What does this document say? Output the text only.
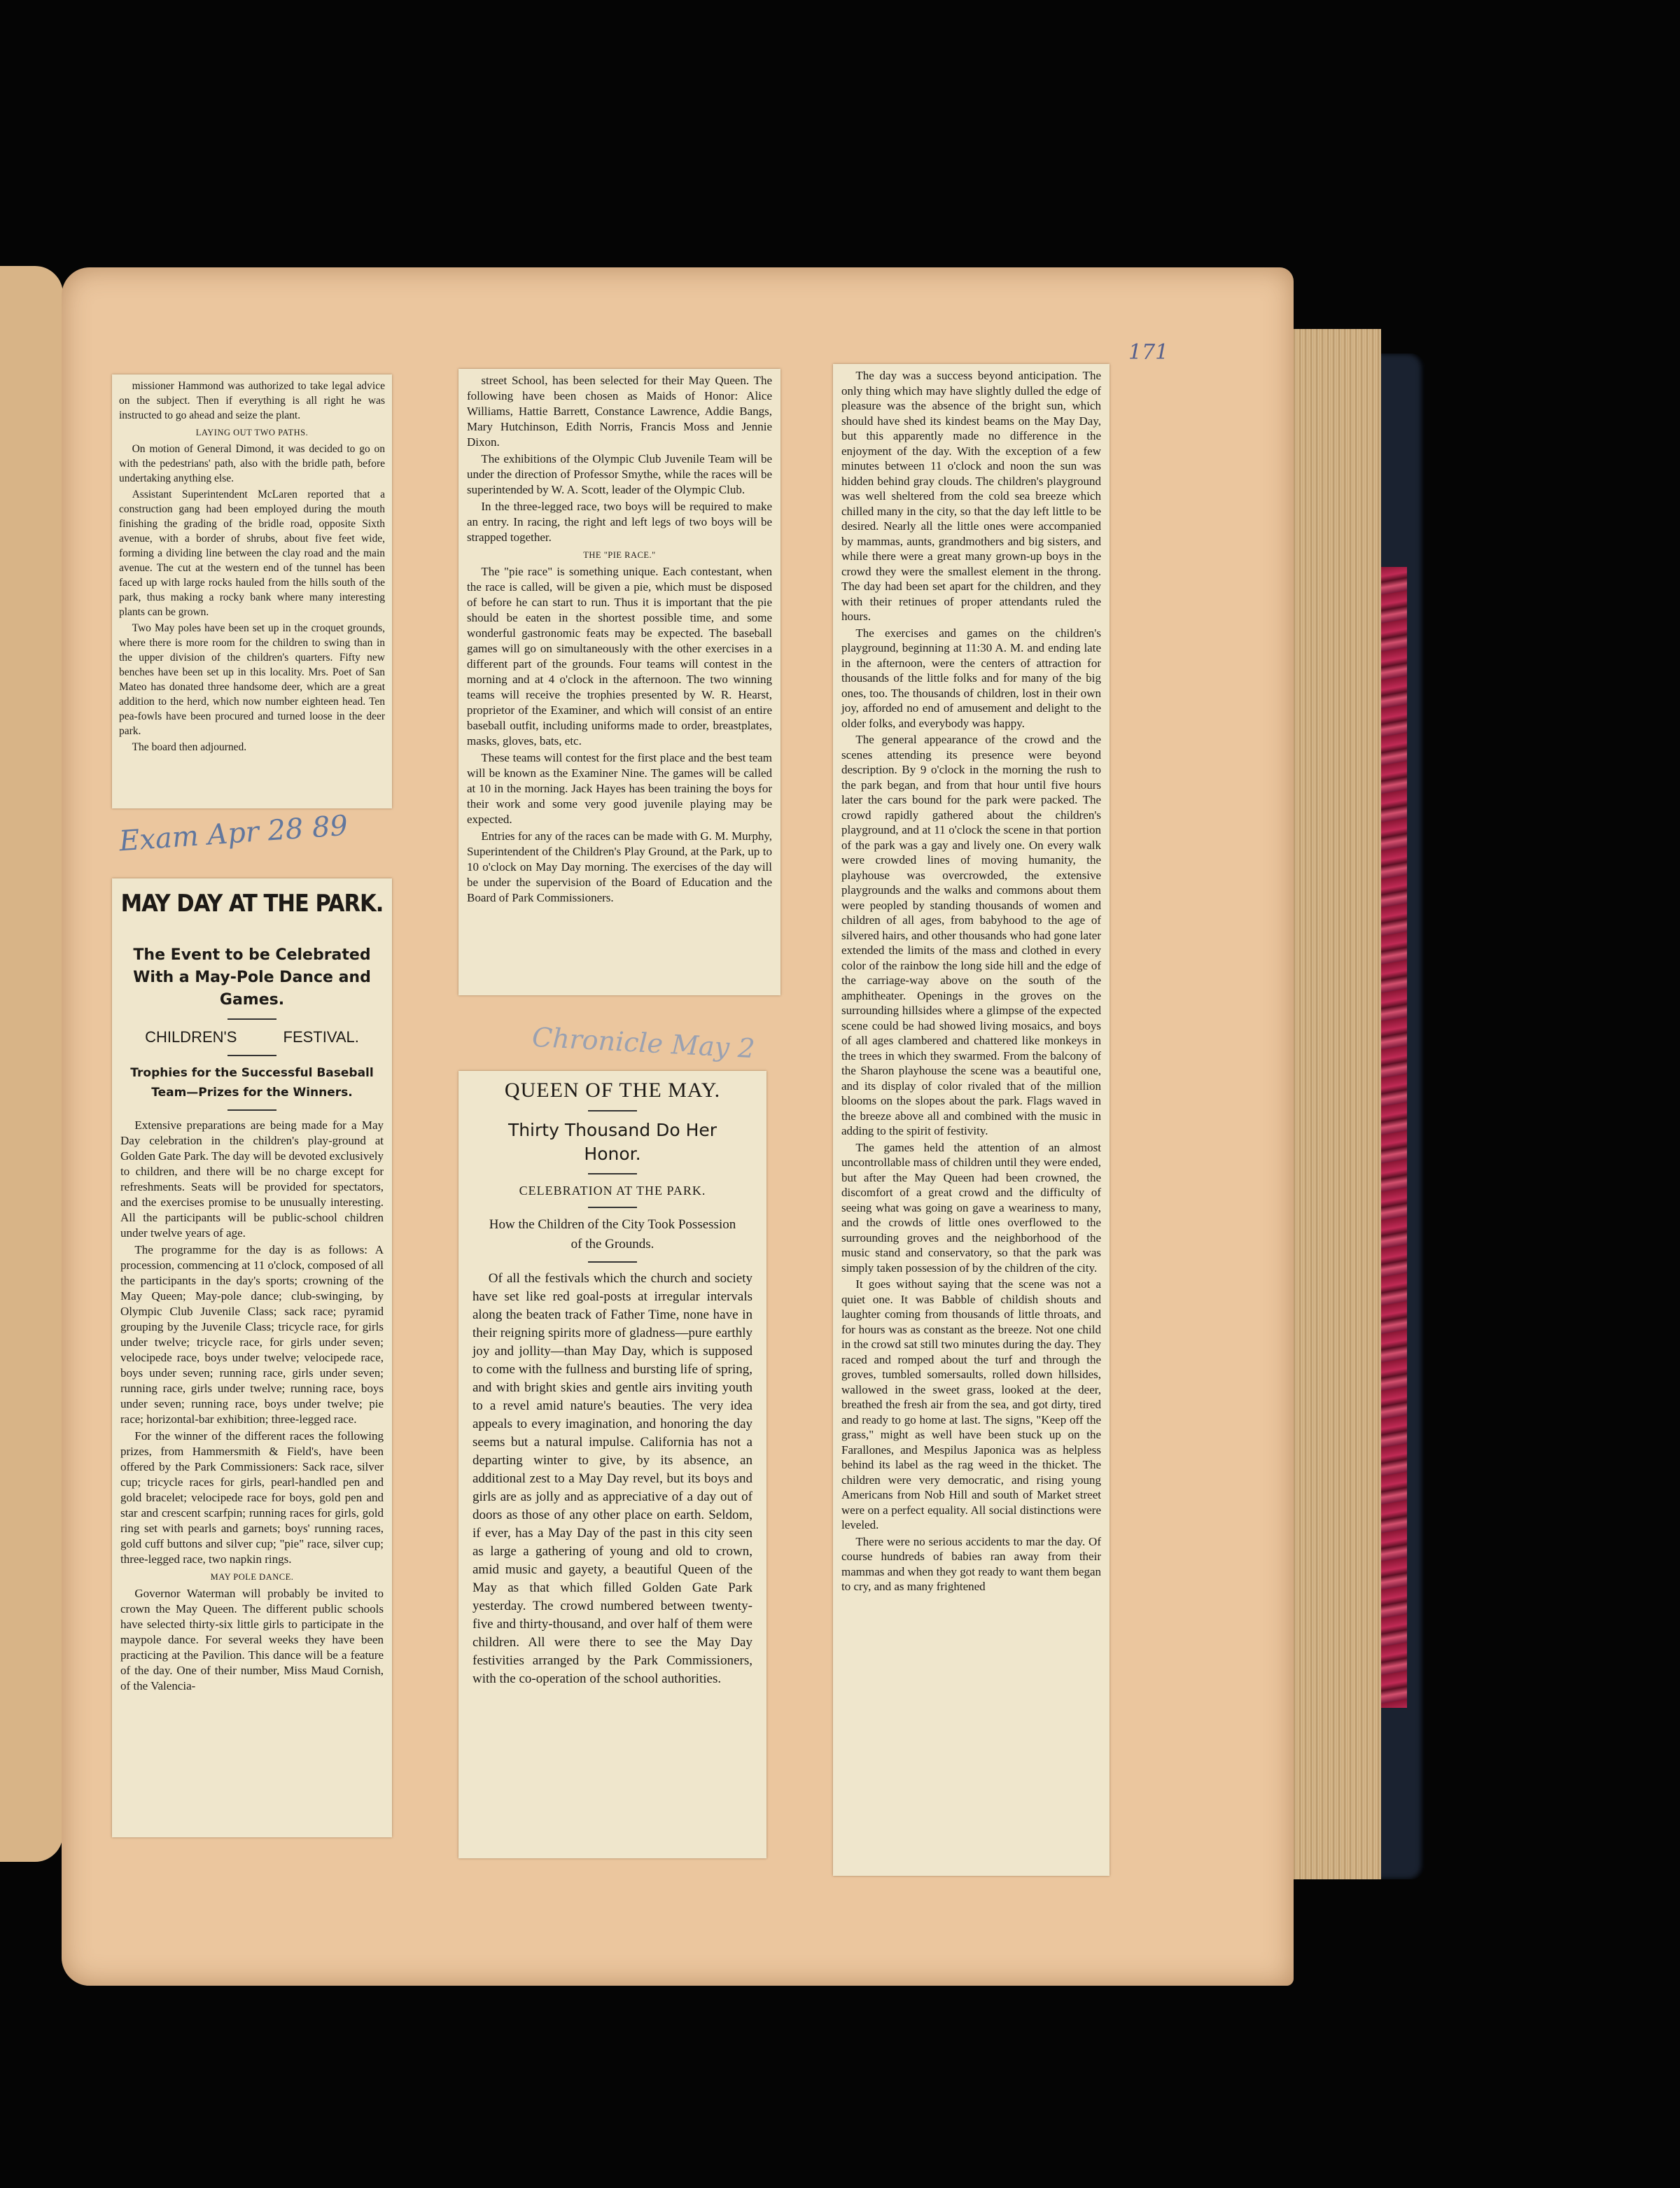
171

missioner Hammond was authorized to take legal advice on the subject. Then if everything is all right he was instructed to go ahead and seize the plant.

LAYING OUT TWO PATHS.

On motion of General Dimond, it was decided to go on with the pedestrians' path, also with the bridle path, before undertaking anything else.

Assistant Superintendent McLaren reported that a construction gang had been employed during the mouth finishing the grading of the bridle road, opposite Sixth avenue, with a border of shrubs, about five feet wide, forming a dividing line between the clay road and the main avenue. The cut at the western end of the tunnel has been faced up with large rocks hauled from the hills south of the park, thus making a rocky bank where many interesting plants can be grown.

Two May poles have been set up in the croquet grounds, where there is more room for the children to swing than in the upper division of the children's quarters. Fifty new benches have been set up in this locality. Mrs. Poet of San Mateo has donated three handsome deer, which are a great addition to the herd, which now number eighteen head. Ten pea-fowls have been procured and turned loose in the deer park.

The board then adjourned.

Exam Apr 28 89
MAY DAY AT THE PARK.
The Event to be Celebrated With a May-Pole Dance and Games.
CHILDREN'S FESTIVAL.
Trophies for the Successful Baseball Team—Prizes for the Winners.

Extensive preparations are being made for a May Day celebration in the children's play-ground at Golden Gate Park. The day will be devoted exclusively to children, and there will be no charge except for refreshments. Seats will be provided for spectators, and the exercises promise to be unusually interesting. All the participants will be public-school children under twelve years of age.

The programme for the day is as follows: A procession, commencing at 11 o'clock, composed of all the participants in the day's sports; crowning of the May Queen; May-pole dance; club-swinging, by Olympic Club Juvenile Class; sack race; pyramid grouping by the Juvenile Class; tricycle race, for girls under twelve; tricycle race, for girls under seven; velocipede race, boys under twelve; velocipede race, boys under seven; running race, girls under seven; running race, girls under twelve; running race, boys under seven; running race, boys under twelve; pie race; horizontal-bar exhibition; three-legged race.

For the winner of the different races the following prizes, from Hammersmith & Field's, have been offered by the Park Commissioners: Sack race, silver cup; tricycle races for girls, pearl-handled pen and gold bracelet; velocipede race for boys, gold pen and star and crescent scarfpin; running races for girls, gold ring set with pearls and garnets; boys' running races, gold cuff buttons and silver cup; "pie" race, silver cup; three-legged race, two napkin rings.

MAY POLE DANCE.

Governor Waterman will probably be invited to crown the May Queen. The different public schools have selected thirty-six little girls to participate in the maypole dance. For several weeks they have been practicing at the Pavilion. This dance will be a feature of the day. One of their number, Miss Maud Cornish, of the Valencia-

street School, has been selected for their May Queen. The following have been chosen as Maids of Honor: Alice Williams, Hattie Barrett, Constance Lawrence, Addie Bangs, Mary Hutchinson, Edith Norris, Francis Moss and Jennie Dixon.

The exhibitions of the Olympic Club Juvenile Team will be under the direction of Professor Smythe, while the races will be superintended by W. A. Scott, leader of the Olympic Club.

In the three-legged race, two boys will be required to make an entry. In racing, the right and left legs of two boys will be strapped together.

THE "PIE RACE."

The "pie race" is something unique. Each contestant, when the race is called, will be given a pie, which must be disposed of before he can start to run. Thus it is important that the pie should be eaten in the shortest possible time, and some wonderful gastronomic feats may be expected. The baseball games will go on simultaneously with the other exercises in a different part of the grounds. Four teams will contest in the morning and at 4 o'clock in the afternoon. The two winning teams will receive the trophies presented by W. R. Hearst, proprietor of the Examiner, and which will consist of an entire baseball outfit, including uniforms made to order, breastplates, masks, gloves, bats, etc.

These teams will contest for the first place and the best team will be known as the Examiner Nine. The games will be called at 10 in the morning. Jack Hayes has been training the boys for their work and some very good juvenile playing may be expected.

Entries for any of the races can be made with G. M. Murphy, Superintendent of the Children's Play Ground, at the Park, up to 10 o'clock on May Day morning. The exercises of the day will be under the supervision of the Board of Education and the Board of Park Commissioners.

Chronicle May 2
QUEEN OF THE MAY.
Thirty Thousand Do Her Honor.
CELEBRATION AT THE PARK.
How the Children of the City Took Possession of the Grounds.

Of all the festivals which the church and society have set like red goal-posts at irregular intervals along the beaten track of Father Time, none have in their reigning spirits more of gladness—pure earthly joy and jollity—than May Day, which is supposed to come with the fullness and bursting life of spring, and with bright skies and gentle airs inviting youth to a revel amid nature's beauties. The very idea appeals to every imagination, and honoring the day seems but a natural impulse. California has not a departing winter to give, by its absence, an additional zest to a May Day revel, but its boys and girls are as jolly and as appreciative of a day out of doors as those of any other place on earth. Seldom, if ever, has a May Day of the past in this city seen as large a gathering of young and old to crown, amid music and gayety, a beautiful Queen of the May as that which filled Golden Gate Park yesterday. The crowd numbered between twenty-five and thirty-thousand, and over half of them were children. All were there to see the May Day festivities arranged by the Park Commissioners, with the co-operation of the school authorities.

The day was a success beyond anticipation. The only thing which may have slightly dulled the edge of pleasure was the absence of the bright sun, which should have shed its kindest beams on the May Day, but this apparently made no difference in the enjoyment of the day. With the exception of a few minutes between 11 o'clock and noon the sun was hidden behind gray clouds. The children's playground was well sheltered from the cold sea breeze which chilled many in the city, so that the day left little to be desired. Nearly all the little ones were accompanied by mammas, aunts, grandmothers and big sisters, and while there were a great many grown-up boys in the crowd they were the smallest element in the throng. The day had been set apart for the children, and they with their retinues of proper attendants ruled the hours.

The exercises and games on the children's playground, beginning at 11:30 A. M. and ending late in the afternoon, were the centers of attraction for thousands of the little folks and for many of the big ones, too. The thousands of children, lost in their own joy, afforded no end of amusement and delight to the older folks, and everybody was happy.

The general appearance of the crowd and the scenes attending its presence were beyond description. By 9 o'clock in the morning the rush to the park began, and from that hour until five hours later the cars bound for the park were packed. The crowd rapidly gathered about the children's playground, and at 11 o'clock the scene in that portion of the park was a gay and lively one. On every walk were crowded lines of moving humanity, the playhouse was overcrowded, the extensive playgrounds and the walks and commons about them were peopled by standing thousands of women and children of all ages, from babyhood to the age of silvered hairs, and other thousands who had gone later extended the limits of the mass and clothed in every color of the rainbow the long side hill and the edge of the carriage-way above on the south of the amphitheater. Openings in the groves on the surrounding hillsides where a glimpse of the expected scene could be had showed living mosaics, and boys of all ages clambered and chattered like monkeys in the trees in which they swarmed. From the balcony of the Sharon playhouse the scene was a beautiful one, and its display of color rivaled that of the million blooms on the slopes about the park. Flags waved in the breeze above all and combined with the music in adding to the spirit of festivity.

The games held the attention of an almost uncontrollable mass of children until they were ended, but after the May Queen had been crowned, the discomfort of a great crowd and the difficulty of seeing what was going on gave a weariness to many, and the crowds of little ones overflowed to the surrounding groves and the neighborhood of the music stand and conservatory, so that the park was simply taken possession of by the children of the city.

It goes without saying that the scene was not a quiet one. It was Babble of childish shouts and laughter coming from thousands of little throats, and for hours was as constant as the breeze. Not one child in the crowd sat still two minutes during the day. They raced and romped about the turf and through the groves, tumbled somersaults, rolled down hillsides, wallowed in the sweet grass, looked at the deer, breathed the fresh air from the sea, and got dirty, tired and ready to go home at last. The signs, "Keep off the grass," might as well have been stuck up on the Farallones, and Mespilus Japonica was as helpless behind its label as the rag weed in the thicket. The children were very democratic, and rising young Americans from Nob Hill and south of Market street were on a perfect equality. All social distinctions were leveled.

There were no serious accidents to mar the day. Of course hundreds of babies ran away from their mammas and when they got ready to want them began to cry, and as many frightened
